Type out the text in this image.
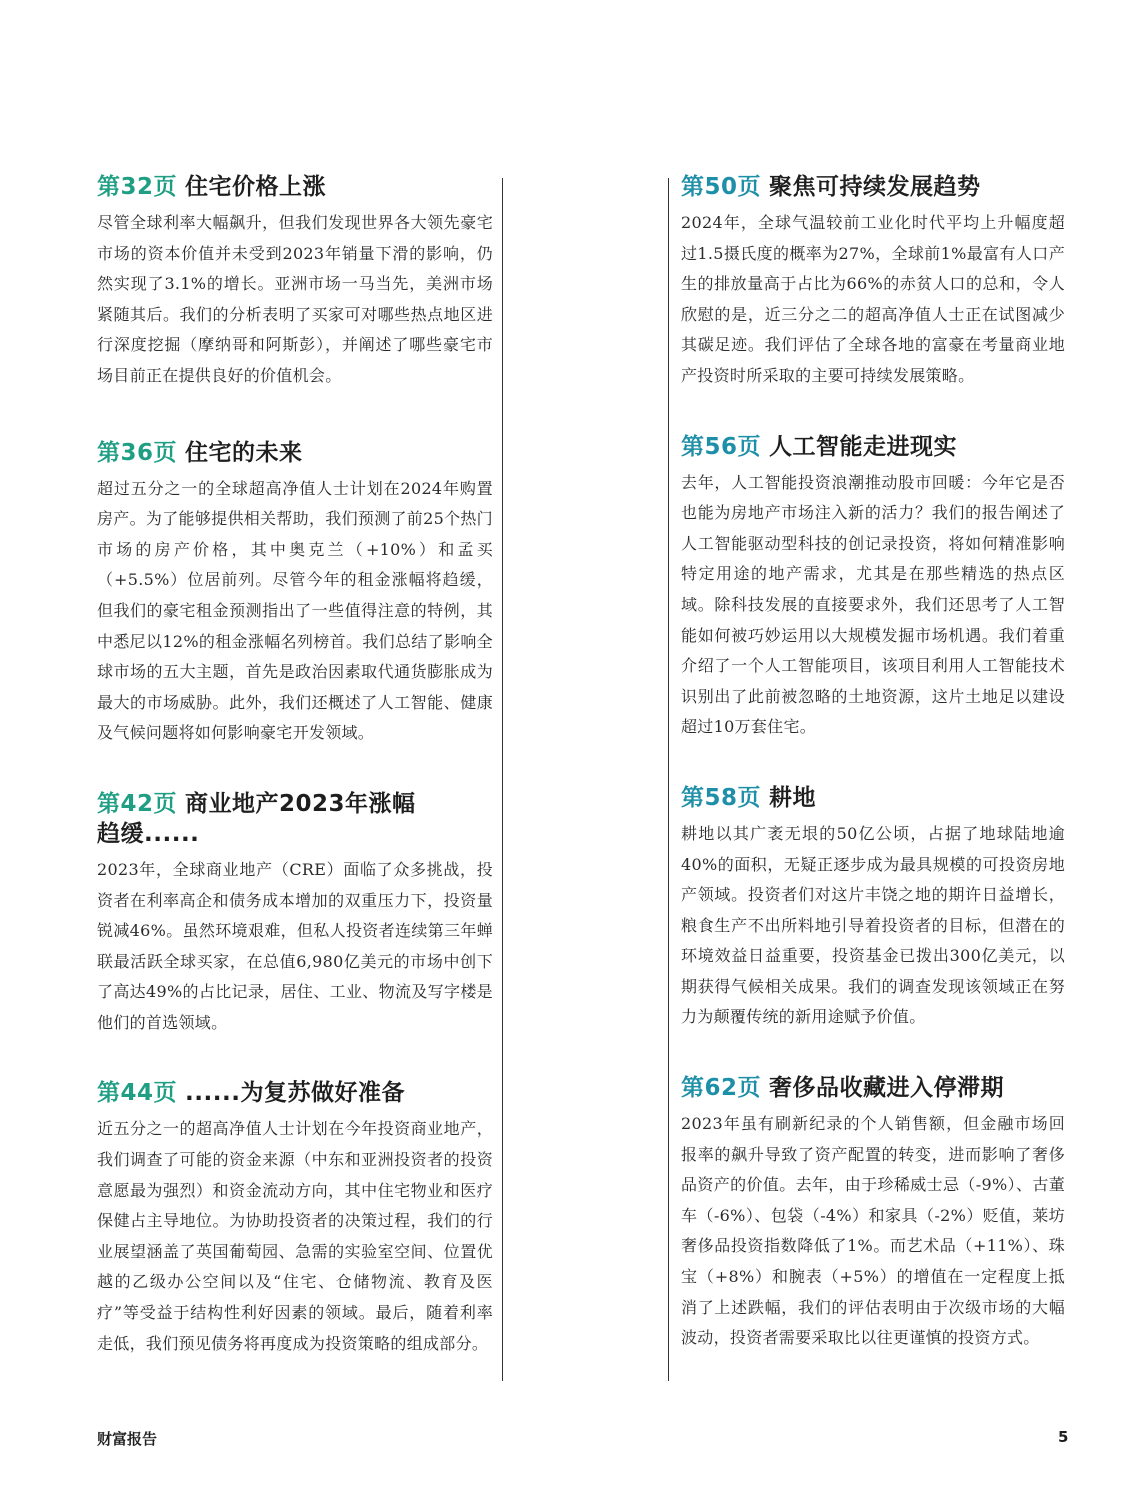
第32页 住宅价格上涨

尽管全球利率大幅飙升，但我们发现世界各大领先豪宅市场的资本价值并未受到2023年销量下滑的影响，仍然实现了3.1%的增长。亚洲市场一马当先，美洲市场紧随其后。我们的分析表明了买家可对哪些热点地区进行深度挖掘（摩纳哥和阿斯彭），并阐述了哪些豪宅市场目前正在提供良好的价值机会。

第36页 住宅的未来

超过五分之一的全球超高净值人士计划在2024年购置房产。为了能够提供相关帮助，我们预测了前25个热门市场的房产价格，其中奥克兰（+10%）和孟买（+5.5%）位居前列。尽管今年的租金涨幅将趋缓，但我们的豪宅租金预测指出了一些值得注意的特例，其中悉尼以12%的租金涨幅名列榜首。我们总结了影响全球市场的五大主题，首先是政治因素取代通货膨胀成为最大的市场威胁。此外，我们还概述了人工智能、健康及气候问题将如何影响豪宅开发领域。

第42页 商业地产2023年涨幅趋缓......

2023年，全球商业地产（CRE）面临了众多挑战，投资者在利率高企和债务成本增加的双重压力下，投资量锐减46%。虽然环境艰难，但私人投资者连续第三年蝉联最活跃全球买家，在总值6,980亿美元的市场中创下了高达49%的占比记录，居住、工业、物流及写字楼是他们的首选领域。

第44页 ......为复苏做好准备

近五分之一的超高净值人士计划在今年投资商业地产，我们调查了可能的资金来源（中东和亚洲投资者的投资意愿最为强烈）和资金流动方向，其中住宅物业和医疗保健占主导地位。为协助投资者的决策过程，我们的行业展望涵盖了英国葡萄园、急需的实验室空间、位置优越的乙级办公空间以及“住宅、仓储物流、教育及医疗”等受益于结构性利好因素的领域。最后，随着利率走低，我们预见债务将再度成为投资策略的组成部分。

第50页 聚焦可持续发展趋势

2024年，全球气温较前工业化时代平均上升幅度超过1.5摄氏度的概率为27%，全球前1%最富有人口产生的排放量高于占比为66%的赤贫人口的总和，令人欣慰的是，近三分之二的超高净值人士正在试图减少其碳足迹。我们评估了全球各地的富豪在考量商业地产投资时所采取的主要可持续发展策略。

第56页 人工智能走进现实

去年，人工智能投资浪潮推动股市回暖：今年它是否也能为房地产市场注入新的活力？我们的报告阐述了人工智能驱动型科技的创记录投资，将如何精准影响特定用途的地产需求，尤其是在那些精选的热点区域。除科技发展的直接要求外，我们还思考了人工智能如何被巧妙运用以大规模发掘市场机遇。我们着重介绍了一个人工智能项目，该项目利用人工智能技术识别出了此前被忽略的土地资源，这片土地足以建设超过10万套住宅。

第58页 耕地

耕地以其广袤无垠的50亿公顷，占据了地球陆地逾40%的面积，无疑正逐步成为最具规模的可投资房地产领域。投资者们对这片丰饶之地的期许日益增长，粮食生产不出所料地引导着投资者的目标，但潜在的环境效益日益重要，投资基金已拨出300亿美元，以期获得气候相关成果。我们的调查发现该领域正在努力为颠覆传统的新用途赋予价值。

第62页 奢侈品收藏进入停滞期

2023年虽有刷新纪录的个人销售额，但金融市场回报率的飙升导致了资产配置的转变，进而影响了奢侈品资产的价值。去年，由于珍稀威士忌（-9%）、古董车（-6%）、包袋（-4%）和家具（-2%）贬值，莱坊奢侈品投资指数降低了1%。而艺术品（+11%）、珠宝（+8%）和腕表（+5%）的增值在一定程度上抵消了上述跌幅，我们的评估表明由于次级市场的大幅波动，投资者需要采取比以往更谨慎的投资方式。

财富报告	5
